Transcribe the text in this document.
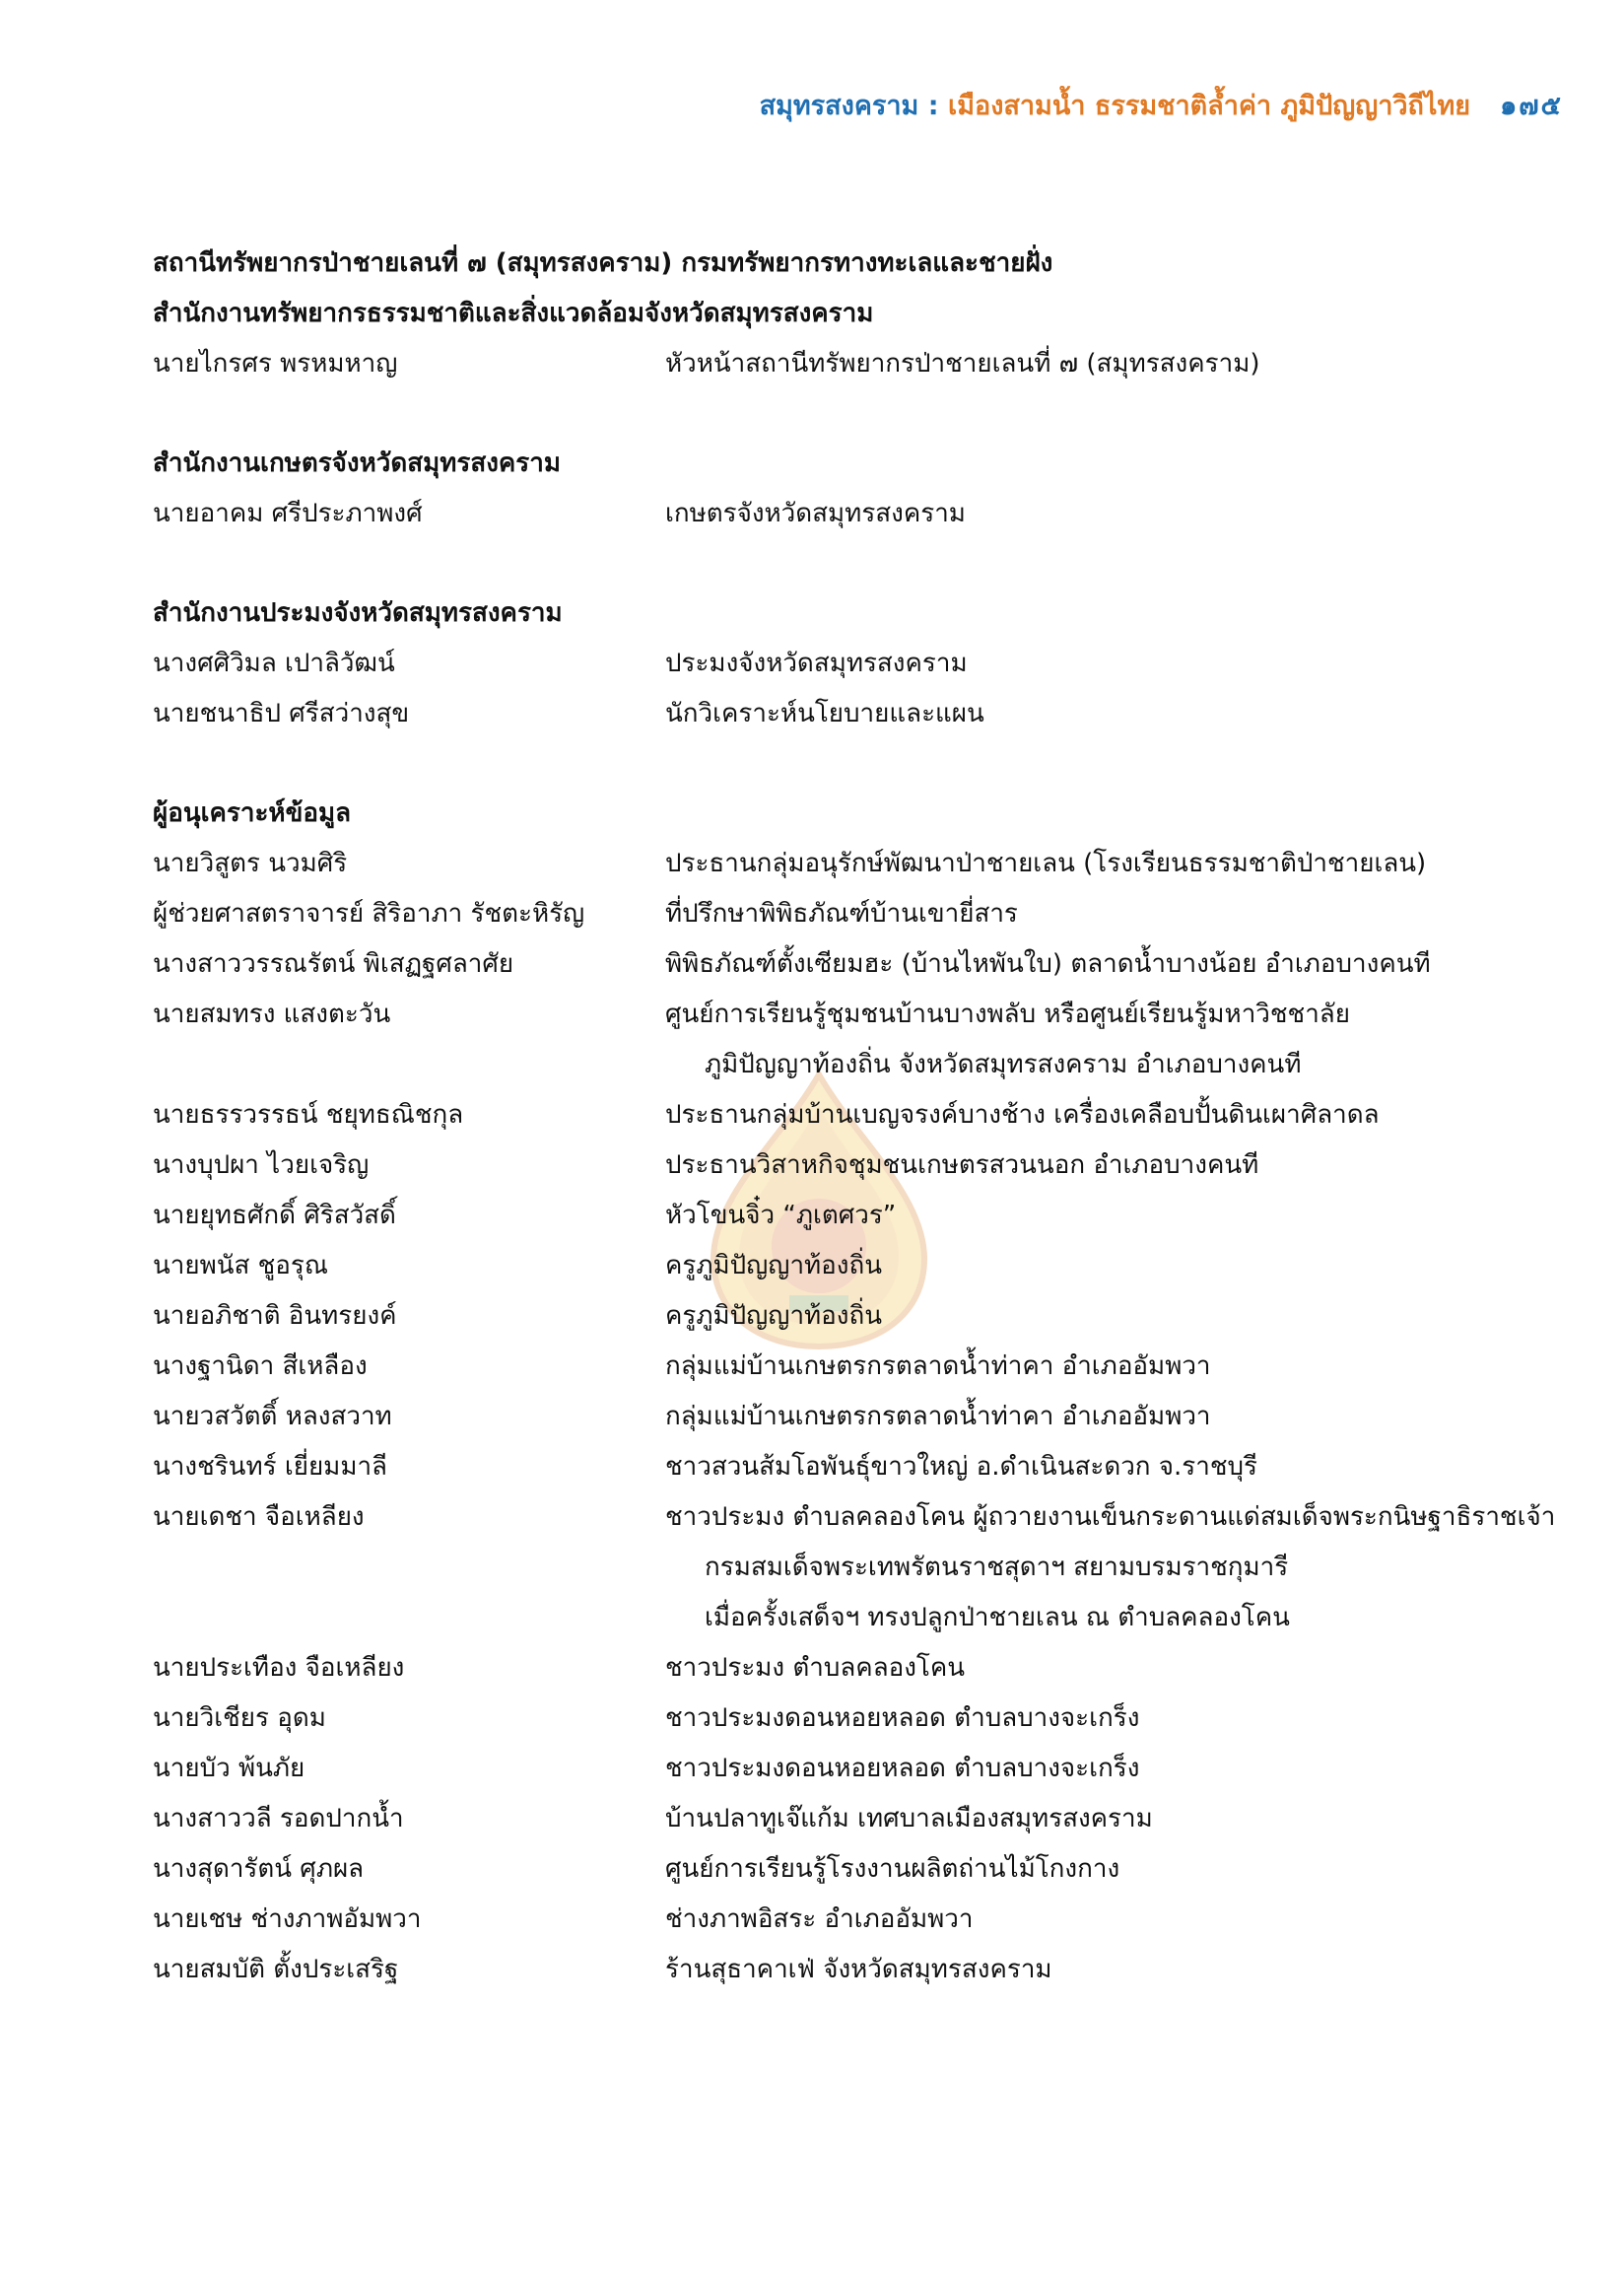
สมุทรสงคราม : เมืองสามน้ำ ธรรมชาติล้ำค่า ภูมิปัญญาวิถีไทย ๑๗๕
สถานีทรัพยากรป่าชายเลนที่ ๗ (สมุทรสงคราม) กรมทรัพยากรทางทะเลและชายฝั่ง
สำนักงานทรัพยากรธรรมชาติและสิ่งแวดล้อมจังหวัดสมุทรสงคราม
นายไกรศร พรหมหาญ	หัวหน้าสถานีทรัพยากรป่าชายเลนที่ ๗ (สมุทรสงคราม)
สำนักงานเกษตรจังหวัดสมุทรสงคราม
นายอาคม ศรีประภาพงศ์	เกษตรจังหวัดสมุทรสงคราม
สำนักงานประมงจังหวัดสมุทรสงคราม
นางศศิวิมล เปาลิวัฒน์	ประมงจังหวัดสมุทรสงคราม
นายชนาธิป ศรีสว่างสุข	นักวิเคราะห์นโยบายและแผน
ผู้อนุเคราะห์ข้อมูล
นายวิสูตร นวมศิริ	ประธานกลุ่มอนุรักษ์พัฒนาป่าชายเลน (โรงเรียนธรรมชาติป่าชายเลน)
ผู้ช่วยศาสตราจารย์ สิริอาภา รัชตะหิรัญ	ที่ปรึกษาพิพิธภัณฑ์บ้านเขายี่สาร
นางสาววรรณรัตน์ พิเสฏฐศลาศัย	พิพิธภัณฑ์ตั้งเซียมฮะ (บ้านไหพันใบ) ตลาดน้ำบางน้อย อำเภอบางคนที
นายสมทรง แสงตะวัน	ศูนย์การเรียนรู้ชุมชนบ้านบางพลับ หรือศูนย์เรียนรู้มหาวิชชาลัย
ภูมิปัญญาท้องถิ่น จังหวัดสมุทรสงคราม อำเภอบางคนที
นายธรรวรรธน์ ชยุทธณิชกุล	ประธานกลุ่มบ้านเบญจรงค์บางช้าง เครื่องเคลือบปั้นดินเผาศิลาดล
นางบุปผา ไวยเจริญ	ประธานวิสาหกิจชุมชนเกษตรสวนนอก อำเภอบางคนที
นายยุทธศักดิ์ ศิริสวัสดิ์	หัวโขนจิ๋ว “ภูเตศวร”
นายพนัส ชูอรุณ	ครูภูมิปัญญาท้องถิ่น
นายอภิชาติ อินทรยงค์	ครูภูมิปัญญาท้องถิ่น
นางฐานิดา สีเหลือง	กลุ่มแม่บ้านเกษตรกรตลาดน้ำท่าคา อำเภออัมพวา
นายวสวัตติ์ หลงสวาท	กลุ่มแม่บ้านเกษตรกรตลาดน้ำท่าคา อำเภออัมพวา
นางชรินทร์ เยี่ยมมาลี	ชาวสวนส้มโอพันธุ์ขาวใหญ่ อ.ดำเนินสะดวก จ.ราชบุรี
นายเดชา จือเหลียง	ชาวประมง ตำบลคลองโคน ผู้ถวายงานเข็นกระดานแด่สมเด็จพระกนิษฐาธิราชเจ้า
กรมสมเด็จพระเทพรัตนราชสุดาฯ สยามบรมราชกุมารี
เมื่อครั้งเสด็จฯ ทรงปลูกป่าชายเลน ณ ตำบลคลองโคน
นายประเทือง จือเหลียง	ชาวประมง ตำบลคลองโคน
นายวิเชียร อุดม	ชาวประมงดอนหอยหลอด ตำบลบางจะเกร็ง
นายบัว พ้นภัย	ชาวประมงดอนหอยหลอด ตำบลบางจะเกร็ง
นางสาววลี รอดปากน้ำ	บ้านปลาทูเจ๊แก้ม เทศบาลเมืองสมุทรสงคราม
นางสุดารัตน์ ศุภผล	ศูนย์การเรียนรู้โรงงานผลิตถ่านไม้โกงกาง
นายเชษ ช่างภาพอัมพวา	ช่างภาพอิสระ อำเภออัมพวา
นายสมบัติ ตั้งประเสริฐ	ร้านสุธาคาเฟ่ จังหวัดสมุทรสงคราม
